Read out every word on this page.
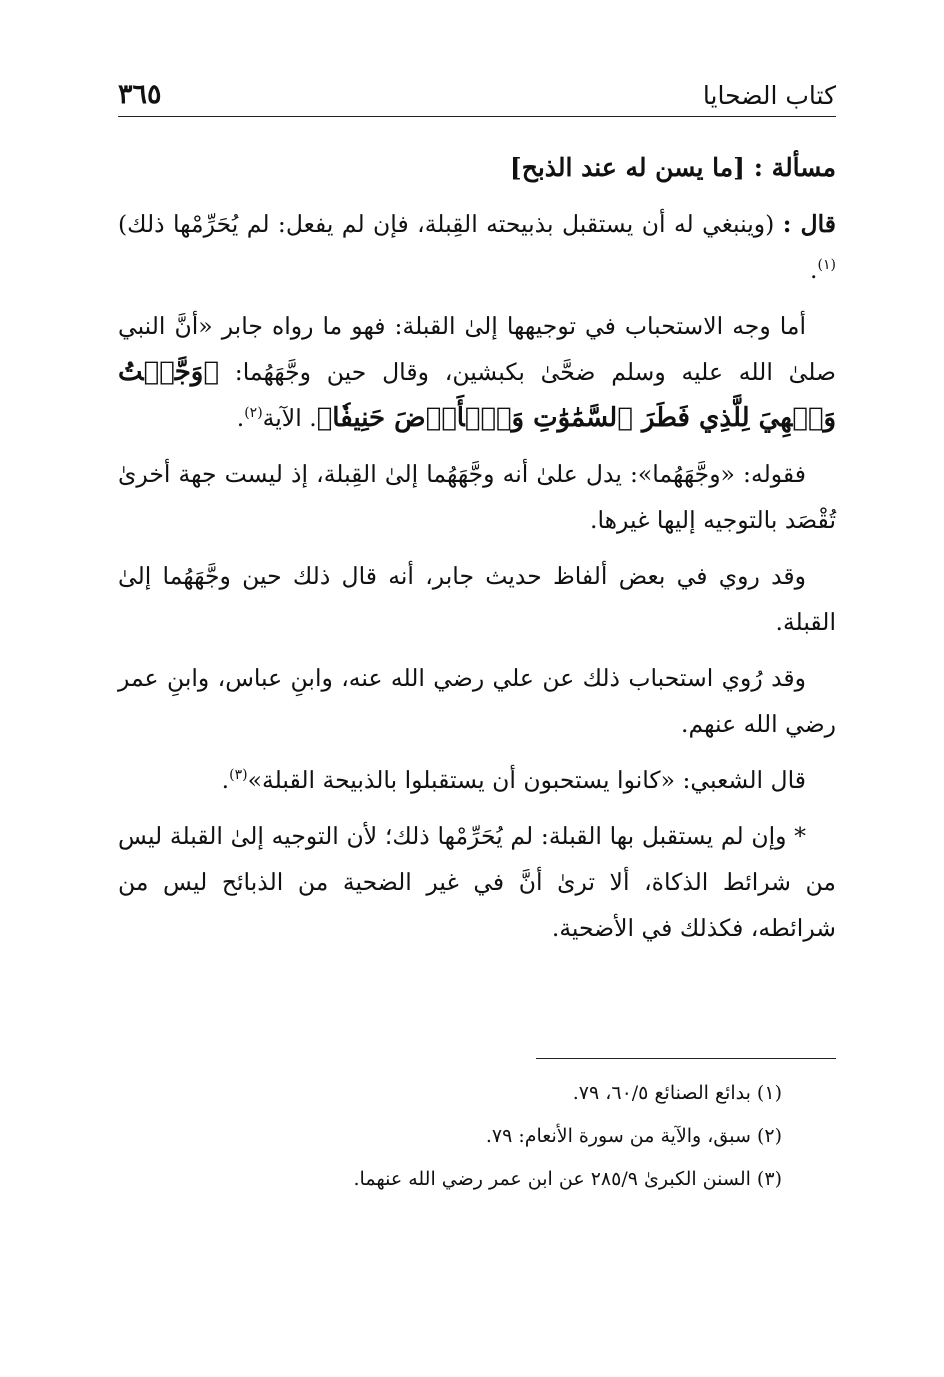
٣٦٥	كتاب الضحايا

مسألة : [ما يسن له عند الذبح]

قال : (وينبغي له أن يستقبل بذبيحته القِبلة، فإن لم يفعل: لم يُحَرِّمْها ذلك)$^{(١)}$.

أما وجه الاستحباب في توجيهها إلىٰ القبلة: فهو ما رواه جابر «أنَّ النبي صلىٰ الله عليه وسلم ضحَّىٰ بكبشين، وقال حين وجَّهَهُما: ﴿وَجَّهۡتُ وَجۡهِيَ لِلَّذِي فَطَرَ ٱلسَّمَٰوَٰتِ وَٱلۡأَرۡضَ حَنِيفٗا﴾. الآية$^{(٢)}$.

فقوله: «وجَّهَهُما»: يدل علىٰ أنه وجَّهَهُما إلىٰ القِبلة، إذ ليست جهة أخرىٰ تُقْصَد بالتوجيه إليها غيرها.

وقد روي في بعض ألفاظ حديث جابر، أنه قال ذلك حين وجَّهَهُما إلىٰ القبلة.

وقد رُوي استحباب ذلك عن علي رضي الله عنه، وابنِ عباس، وابنِ عمر رضي الله عنهم.

قال الشعبي: «كانوا يستحبون أن يستقبلوا بالذبيحة القبلة»$^{(٣)}$.

* وإن لم يستقبل بها القبلة: لم يُحَرِّمْها ذلك؛ لأن التوجيه إلىٰ القبلة ليس من شرائط الذكاة، ألا ترىٰ أنَّ في غير الضحية من الذبائح ليس من شرائطه، فكذلك في الأضحية.

(١) بدائع الصنائع ٦٠/٥، ٧٩.

(٢) سبق، والآية من سورة الأنعام: ٧٩.

(٣) السنن الكبرىٰ ٢٨٥/٩ عن ابن عمر رضي الله عنهما.
